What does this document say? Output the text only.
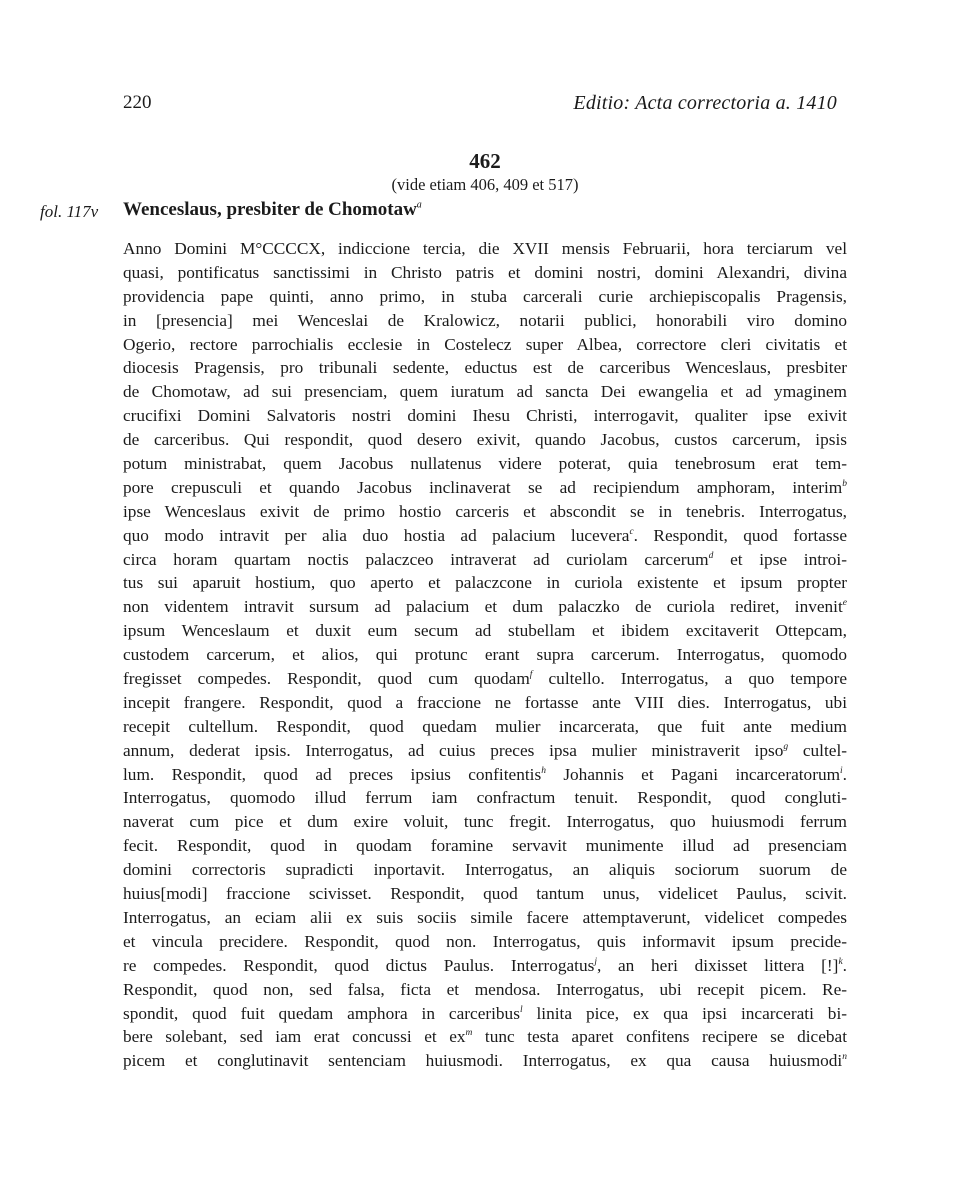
220	Editio: Acta correctoria a. 1410
462
(vide etiam 406, 409 et 517)
fol. 117v Wenceslaus, presbiter de Chomotaw$^a$
Anno Domini M°CCCCX, indiccione tercia, die XVII mensis Februarii, hora terciarum vel
quasi, pontificatus sanctissimi in Christo patris et domini nostri, domini Alexandri, divina
providencia pape quinti, anno primo, in stuba carcerali curie archiepiscopalis Pragensis,
in [presencia] mei Wenceslai de Kralowicz, notarii publici, honorabili viro domino
Ogerio, rectore parrochialis ecclesie in Costelecz super Albea, correctore cleri civitatis et
diocesis Pragensis, pro tribunali sedente, eductus est de carceribus Wenceslaus, presbiter
de Chomotaw, ad sui presenciam, quem iuratum ad sancta Dei ewangelia et ad ymaginem
crucifixi Domini Salvatoris nostri domini Ihesu Christi, interrogavit, qualiter ipse exivit
de carceribus. Qui respondit, quod desero exivit, quando Jacobus, custos carcerum, ipsis
potum ministrabat, quem Jacobus nullatenus videre poterat, quia tenebrosum erat tem-
pore crepusculi et quando Jacobus inclinaverat se ad recipiendum amphoram, interim$^b$
ipse Wenceslaus exivit de primo hostio carceris et abscondit se in tenebris. Interrogatus,
quo modo intravit per alia duo hostia ad palacium lucevera$^c$. Respondit, quod fortasse
circa horam quartam noctis palaczceo intraverat ad curiolam carcerum$^d$ et ipse introi-
tus sui aparuit hostium, quo aperto et palaczcone in curiola existente et ipsum propter
non videntem intravit sursum ad palacium et dum palaczko de curiola rediret, invenit$^e$
ipsum Wenceslaum et duxit eum secum ad stubellam et ibidem excitaverit Ottepcam,
custodem carcerum, et alios, qui protunc erant supra carcerum. Interrogatus, quomodo
fregisset compedes. Respondit, quod cum quodam$^f$ cultello. Interrogatus, a quo tempore
incepit frangere. Respondit, quod a fraccione ne fortasse ante VIII dies. Interrogatus, ubi
recepit cultellum. Respondit, quod quedam mulier incarcerata, que fuit ante medium
annum, dederat ipsis. Interrogatus, ad cuius preces ipsa mulier ministraverit ipso$^g$ cultel-
lum. Respondit, quod ad preces ipsius confitentis$^h$ Johannis et Pagani incarceratorum$^i$.
Interrogatus, quomodo illud ferrum iam confractum tenuit. Respondit, quod congluti-
naverat cum pice et dum exire voluit, tunc fregit. Interrogatus, quo huiusmodi ferrum
fecit. Respondit, quod in quodam foramine servavit munimente illud ad presenciam
domini correctoris supradicti inportavit. Interrogatus, an aliquis sociorum suorum de
huius[modi] fraccione scivisset. Respondit, quod tantum unus, videlicet Paulus, scivit.
Interrogatus, an eciam alii ex suis sociis simile facere attemptaverunt, videlicet compedes
et vincula precidere. Respondit, quod non. Interrogatus, quis informavit ipsum precide-
re compedes. Respondit, quod dictus Paulus. Interrogatus$^j$, an heri dixisset littera [!]$^k$.
Respondit, quod non, sed falsa, ficta et mendosa. Interrogatus, ubi recepit picem. Re-
spondit, quod fuit quedam amphora in carceribus$^l$ linita pice, ex qua ipsi incarcerati bi-
bere solebant, sed iam erat concussi et ex$^m$ tunc testa aparet confitens recipere se dicebat
picem et conglutinavit sentenciam huiusmodi. Interrogatus, ex qua causa huiusmodi$^n$
